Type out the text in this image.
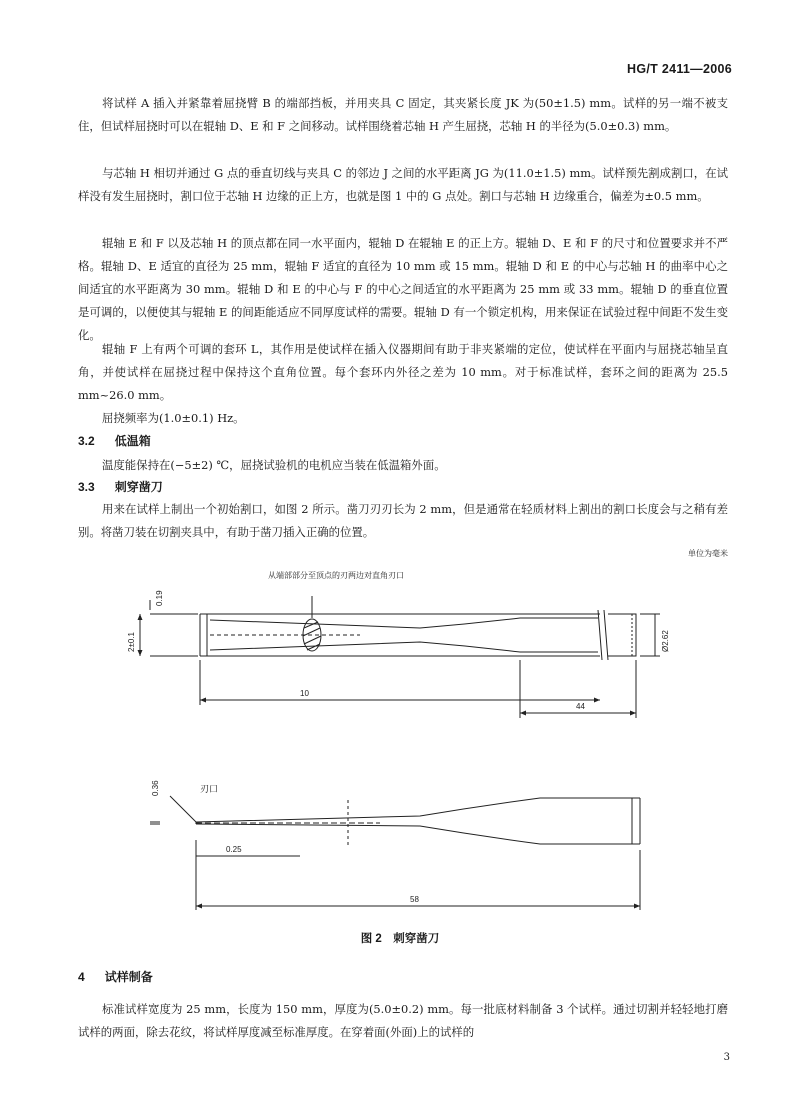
HG/T 2411—2006

将试样 A 插入并紧靠着屈挠臂 B 的端部挡板，并用夹具 C 固定，其夹紧长度 JK 为(50±1.5) mm。试样的另一端不被支住，但试样屈挠时可以在辊轴 D、E 和 F 之间移动。试样围绕着芯轴 H 产生屈挠，芯轴 H 的半径为(5.0±0.3) mm。

与芯轴 H 相切并通过 G 点的垂直切线与夹具 C 的邻边 J 之间的水平距离 JG 为(11.0±1.5) mm。试样预先割成割口，在试样没有发生屈挠时，割口位于芯轴 H 边缘的正上方，也就是图 1 中的 G 点处。割口与芯轴 H 边缘重合，偏差为±0.5 mm。

辊轴 E 和 F 以及芯轴 H 的顶点都在同一水平面内，辊轴 D 在辊轴 E 的正上方。辊轴 D、E 和 F 的尺寸和位置要求并不严格。辊轴 D、E 适宜的直径为 25 mm，辊轴 F 适宜的直径为 10 mm 或 15 mm。辊轴 D 和 E 的中心与芯轴 H 的曲率中心之间适宜的水平距离为 30 mm。辊轴 D 和 E 的中心与 F 的中心之间适宜的水平距离为 25 mm 或 33 mm。辊轴 D 的垂直位置是可调的，以便使其与辊轴 E 的间距能适应不同厚度试样的需要。辊轴 D 有一个锁定机构，用来保证在试验过程中间距不发生变化。

辊轴 F 上有两个可调的套环 L，其作用是使试样在插入仪器期间有助于非夹紧端的定位，使试样在平面内与屈挠芯轴呈直角，并使试样在屈挠过程中保持这个直角位置。每个套环内外径之差为 10 mm。对于标准试样，套环之间的距离为 25.5 mm~26.0 mm。

屈挠频率为(1.0±0.1) Hz。

3.2 低温箱

温度能保持在(−5±2) ℃，屈挠试验机的电机应当装在低温箱外面。

3.3 刺穿凿刀

用来在试样上制出一个初始割口，如图 2 所示。凿刀刃刃长为 2 mm，但是通常在轻质材料上割出的割口长度会与之稍有差别。将凿刀装在切割夹具中，有助于凿刀插入正确的位置。

单位为毫米
从端部部分至顶点的刃两边对直角刃口
0.19
2±0.1
10
44
Ø2.62
0.36	刃口
0.25
58
图 2　刺穿凿刀
4 试样制备

标准试样宽度为 25 mm，长度为 150 mm，厚度为(5.0±0.2) mm。每一批底材料制备 3 个试样。通过切割并轻轻地打磨试样的两面，除去花纹，将试样厚度减至标准厚度。在穿着面(外面)上的试样的

3
